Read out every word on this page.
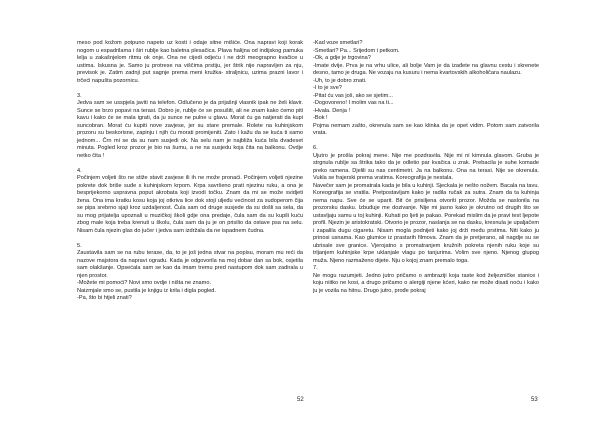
meso pod kožom potpuno napeto uz kosti i odaje sitne mišiće. Ona napravi koji korak nogom u espadrilama i širi rublje kao baletna plesačica. Plava halijna od indijskog pamuka lelja u zakašnjelom ritmu ok onje. Ona ne cijedi odjeću i ne drži meograpno kvačice u ustima. Iskusna je. Samo ju protrese na viščima prstiju, jer štrik nije napravljen za nju, previsok je. Zatim zadnji put sagnje prema meni kružka- straljnicu, uzima prazni lavor i trčeći napušta pozornicu.

3.

Jedva sam se usspjela javiti na telefon. Odlučeno je da prijašnji vlasnik ipak ne želi klavir. Sunce se brzo popavi na terasi. Dobro je, rublje će se posušiti, ali ne znam kako ćemo piti kavu i kako će se mala igrati, da ju sunce ne pulne u glavu. Morat ću ga natjerati da kupi suncobran. Morat ću kupiti nove zavjese, jer su stare premale. Rolete na kuhinjskom prozoru su beskorisne, zapinju i njih ću morati promijeniti. Zato i kažu da se kuća ti samo jednom... Črn mi se da su nam susjedi ok. Na selu nam je najbliža kuća bila dvadeset minuta. Pogled kroz prozor je bio na šumu, a ne na susjedu koja čita na balkonu. Ovdje netko čita !

4.

Počinjem voljeti što ne stiže stavit zavjese ili ih ne može pronaći. Počinjem voljeti njezine pokrete dok briše suđe s kuhinjskom krpom. Krpa savršeno prati njezinu ruku, a ona je besprijekorno usprаvna poput akrobata koji izvodi točku. Znam da mi se može svidjeti žena. Ona ima kratku kosu koja joj otkriva lice dok stoji uljeđu većinost za sudoperom čija se pipa srebrno sjaji kroz uzdaljenost. Čula sam od druge susjede da su došli sa sela, da su mog prijatelja upoznali u muzičkoj školi gdje ona predaje, čula sam da su kupili kuću zbog male koja treba krenuti u školu, čula sam da ju je on prisilio da ostave psa na selu. Nisam čula njezin glas do jučer i jedva sam izdržala da ne ispadnem čudna.

5.

Zaustavila sam se na rubu terase, da, to je još jedna stvar na popisu, moram mu reći da nazove majstora da napravi ogradu. Kada je odgovorila na moj dobar dan sa bok, osjetila sam olakšanje. Opsećala sam se kao da imam tremu pred nastupom dok sam zadirala u njen prostor.

-Možete mi pomoći? Novi smo ovdje i ništa ne znamo.

Naizmjale smo se, pustila je knjigu iz krila i digla pogled.

-Pa, što bi htjeli znati?

52

-Kad voze smetlari?

-Smetlari? Pa... Srijedom i petkom.

-Ok, a gdje je trgovina?

-Imate dvije. Prva je na vrhu ulice, ali bolje Vam je da izađete na glavnu cestu i skrenete desno, tamo je druga. Ne vozaju na kusuru i nema kvartovskih alkoholičara naulazu.

-Uh, to je dobro znati.

-I to je sve?

-Pitat ću vas još, ako se sjetim...

-Dogovoreno! I molim vas na ti...

-Hvala. Denja !

-Bok !

Pojma nemam zašto, okrenula sam se kao klinka da je opet vidim. Potom sam zatvorila vrata.

6.

Ujutro je prošla pokraj mene. Nije me pozdravila. Nije mi ni kimnula glavom. Gruba je strgnula rublje sa štrika tako da je odletio par kvačica u zrak. Prebacila je suhe komade preko ramena. Djelili su nas centimetri. Ja na balkonu. Ona na terasi. Nije se okrenula. Vukla se frajerski prema vratima. Koreografija je nestala.

Navečer sam je promatrala kada je bila u kuhinji. Sjeckala je nešto nožem. Bacala na tavu. Koreografija se vratila. Pretpostavljam kako je radila ručak za sutra. Znam da ta kuhinja nema napu. Sve će se uparit. Bit će prisiljena otvoriti prozor. Možda se naslonila na prozorsku dasku. Izbuđuje me dozivanje. Nije mi jasno kako je okrutno od drugih što se ustavljaju samu u toj kuhinji. Kuhati po ljeti je pakao. Porekad mislim da je pravi test ljepote profil. Njezin je aristokratski. Otvorio je prozor, naslanja se na dasku, kresnula je upaljačem i zapalila dugu cigaretu. Nisam mogla podnijeti kako joj drži među prstima. Niti kako ju prinosi usnama. Kao glumice iz prastarih filmova. Znam da je pretjerano, ali nagdje su se ubrisale sve granice. Vjerojatno s promatranjem kružnih pokreta njenih ruku koje su trljanjem kuhinjske krpe uklanjale vlagu po tanjurima. Volim sve njeno. Njenog glupog muža. Njeno razmaženo dijete. Nju o kojoj znam premalo toga.

7.

Ne mogu razumjeti. Jedno jutro pričamo o ambraziji koja raste kod željezničke stanice i koju niitko ne kosi, a drugo pričamo o alergiji njene kćeri, kako ne može disati noću i kako ju je vozila na hitnu. Drugo jutro, prođe pokraj

53
